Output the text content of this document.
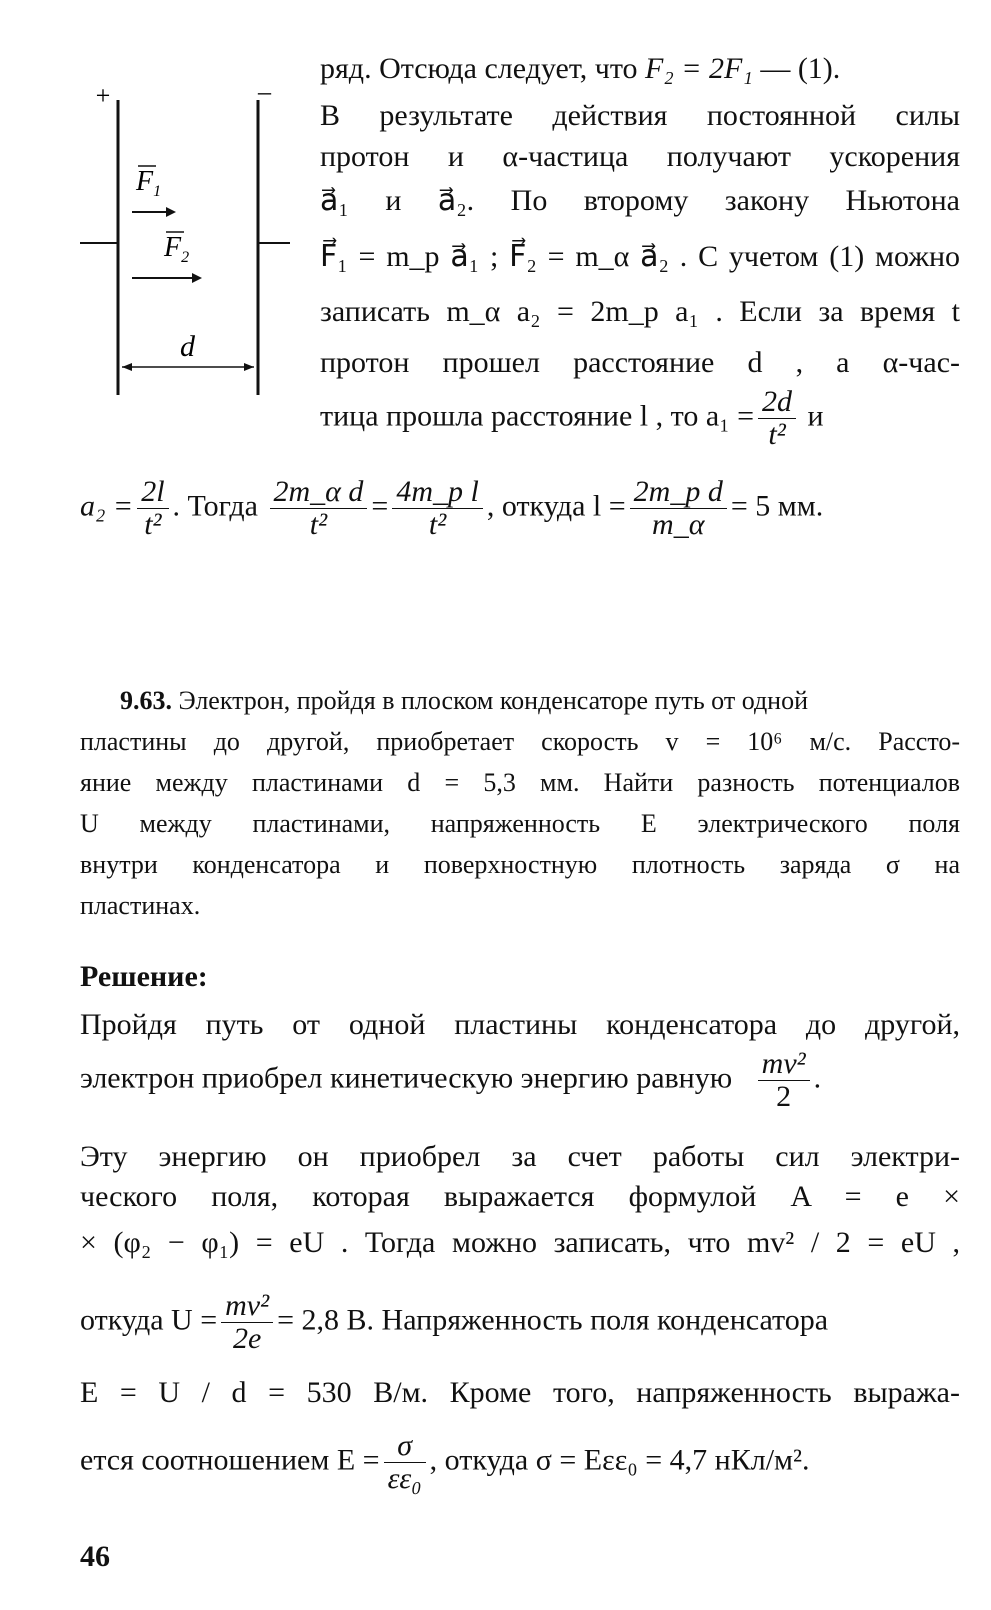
+	–
$F_1$
$F_2$
d
ряд. Отсюда следует, что F₂ = 2F₁ — (1).
В результате действия постоянной силы
протон и α-частица получают ускорения
a⃗₁ и a⃗₂. По второму закону Ньютона
F⃗₁ = m_p a⃗₁ ; F⃗₂ = m_α a⃗₂ . С учетом (1) можно
записать m_α a₂ = 2m_p a₁ . Если за время t
протон прошел расстояние d , а α-час-
тица прошла расстояние l , то $a_1 = \frac{2d}{\text{t²}}$ и
$a_2 = \frac{2l}{\text{t²}}$ . Тогда $\frac{\text{2m\_α d}}{\text{t²}} = \frac{\text{4m\_p l}}{\text{t²}}$ , откуда $l = \frac{\text{2m\_p d}}{m\_\alpha} = 5$ мм.
9.63. Электрон, пройдя в плоском конденсаторе путь от одной
пластины до другой, приобретает скорость v = 10⁶ м/с. Рассто-
яние между пластинами d = 5,3 мм. Найти разность потенциалов
U между пластинами, напряженность E электрического поля
внутри конденсатора и поверхностную плотность заряда σ на
пластинах.
Решение:
Пройдя путь от одной пластины конденсатора до другой,
электрон приобрел кинетическую энергию равную $\frac{\text{mv²}}{2}$ .
Эту энергию он приобрел за счет работы сил электри-
ческого поля, которая выражается формулой A = e ×
× (φ₂ − φ₁) = eU . Тогда можно записать, что mv² / 2 = eU ,
откуда $U = \frac{\text{mv²}}{2e} = 2,8$ В. Напряженность поля конденсатора
E = U / d = 530 В/м. Кроме того, напряженность выража-
ется соотношением $E = \frac{\sigma}{\text{εε₀}}$ , откуда σ = Eεε₀ = 4,7 нКл/м².
46
